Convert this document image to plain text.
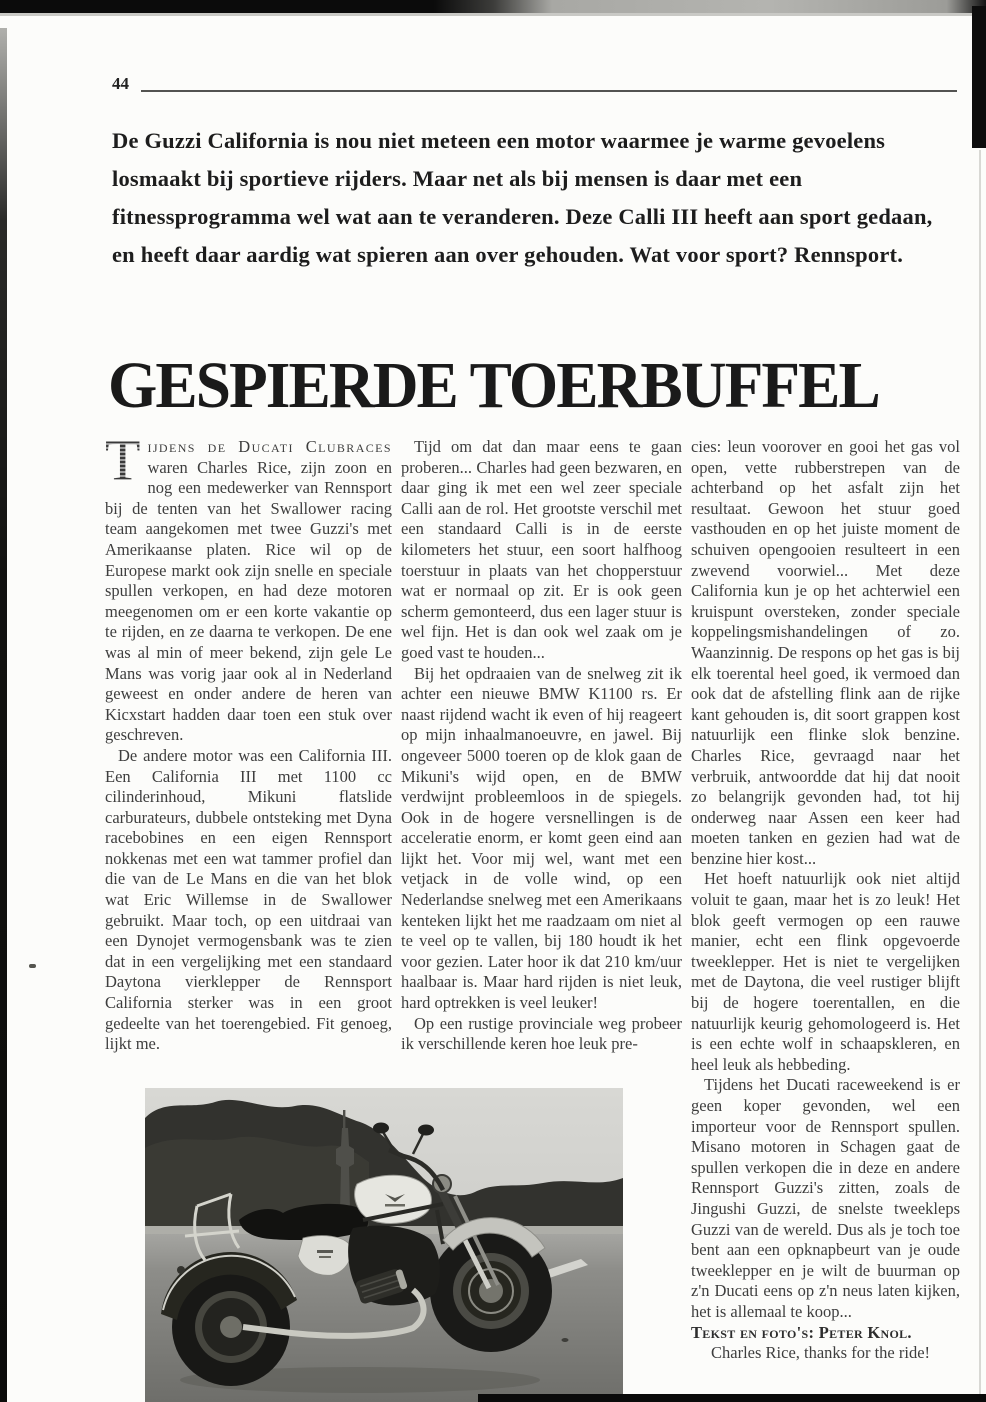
44
De Guzzi California is nou niet meteen een motor waarmee je warme gevoelens losmaakt bij sportieve rijders. Maar net als bij mensen is daar met een fitnessprogramma wel wat aan te veranderen. Deze Calli III heeft aan sport gedaan, en heeft daar aardig wat spieren aan over gehouden. Wat voor sport? Rennsport.
GESPIERDE TOERBUFFEL

T ijdens de Ducati Clubraces waren Charles Rice, zijn zoon en nog een medewerker van Rennsport bij de tenten van het Swallower racing team aangekomen met twee Guzzi's met Amerikaanse platen. Rice wil op de Europese markt ook zijn snelle en speciale spullen verkopen, en had deze motoren meegenomen om er een korte vakantie op te rijden, en ze daarna te verkopen. De ene was al min of meer bekend, zijn gele Le Mans was vorig jaar ook al in Nederland geweest en onder andere de heren van Kicxstart hadden daar toen een stuk over geschreven.

De andere motor was een California III. Een California III met 1100 cc cilinderinhoud, Mikuni flatslide carburateurs, dubbele ontsteking met Dyna racebobines en een eigen Rennsport nokkenas met een wat tammer profiel dan die van de Le Mans en die van het blok wat Eric Willemse in de Swallower gebruikt. Maar toch, op een uitdraai van een Dynojet vermogensbank was te zien dat in een vergelijking met een standaard Daytona vierklepper de Rennsport California sterker was in een groot gedeelte van het toerengebied. Fit genoeg, lijkt me.

Tijd om dat dan maar eens te gaan proberen... Charles had geen bezwaren, en daar ging ik met een wel zeer speciale Calli aan de rol. Het grootste verschil met een standaard Calli is in de eerste kilometers het stuur, een soort halfhoog toerstuur in plaats van het chopperstuur wat er normaal op zit. Er is ook geen scherm gemonteerd, dus een lager stuur is wel fijn. Het is dan ook wel zaak om je goed vast te houden...

Bij het opdraaien van de snelweg zit ik achter een nieuwe BMW K1100 rs. Er naast rijdend wacht ik even of hij reageert op mijn inhaalmanoeuvre, en jawel. Bij ongeveer 5000 toeren op de klok gaan de Mikuni's wijd open, en de BMW verdwijnt probleemloos in de spiegels. Ook in de hogere versnellingen is de acceleratie enorm, er komt geen eind aan lijkt het. Voor mij wel, want met een vetjack in de volle wind, op een Nederlandse snelweg met een Amerikaans kenteken lijkt het me raadzaam om niet al te veel op te vallen, bij 180 houdt ik het voor gezien. Later hoor ik dat 210 km/uur haalbaar is. Maar hard rijden is niet leuk, hard optrekken is veel leuker!

Op een rustige provinciale weg probeer ik verschillende keren hoe leuk pre-

cies: leun voorover en gooi het gas vol open, vette rubberstrepen van de achterband op het asfalt zijn het resultaat. Gewoon het stuur goed vasthouden en op het juiste moment de schuiven opengooien resulteert in een zwevend voorwiel... Met deze California kun je op het achterwiel een kruispunt oversteken, zonder speciale koppelingsmishandelingen of zo. Waanzinnig. De respons op het gas is bij elk toerental heel goed, ik vermoed dan ook dat de afstelling flink aan de rijke kant gehouden is, dit soort grappen kost natuurlijk een flinke slok benzine. Charles Rice, gevraagd naar het verbruik, antwoordde dat hij dat nooit zo belangrijk gevonden had, tot hij onderweg naar Assen een keer had moeten tanken en gezien had wat de benzine hier kost...

Het hoeft natuurlijk ook niet altijd voluit te gaan, maar het is zo leuk! Het blok geeft vermogen op een rauwe manier, echt een flink opgevoerde tweeklepper. Het is niet te vergelijken met de Daytona, die veel rustiger blijft bij de hogere toerentallen, en die natuurlijk keurig gehomologeerd is. Het is een echte wolf in schaapskleren, en heel leuk als hebbeding.

Tijdens het Ducati raceweekend is er geen koper gevonden, wel een importeur voor de Rennsport spullen. Misano motoren in Schagen gaat de spullen verkopen die in deze en andere Rennsport Guzzi's zitten, zoals de Jingushi Guzzi, de snelste tweekleps Guzzi van de wereld. Dus als je toch toe bent aan een opknapbeurt van je oude tweeklepper en je wilt de buurman op z'n Ducati eens op z'n neus laten kijken, het is allemaal te koop...

Tekst en foto's: Peter Knol.

Charles Rice, thanks for the ride!
